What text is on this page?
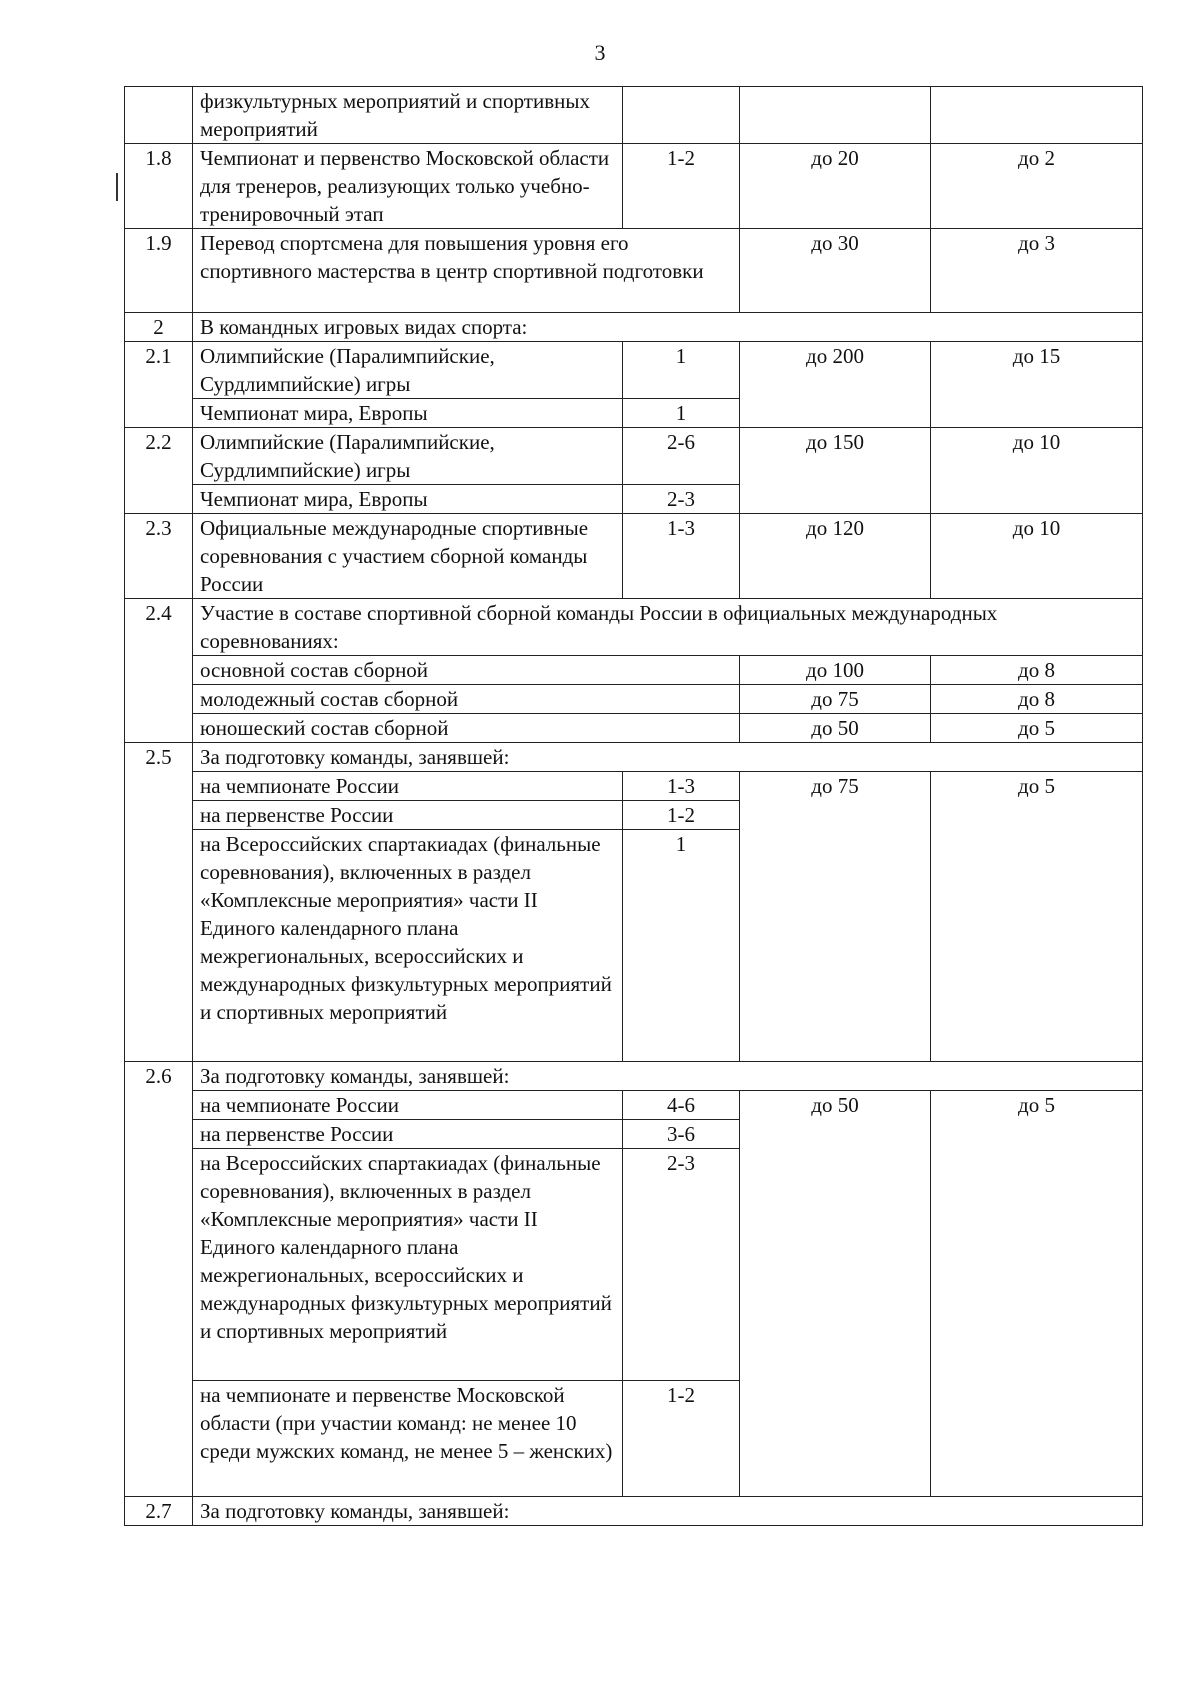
3
	физкультурных мероприятий и спортивных мероприятий			
1.8	Чемпионат и первенство Московской области для тренеров, реализующих только учебно-тренировочный этап	1-2	до 20	до 2
1.9	Перевод спортсмена для повышения уровня его спортивного мастерства в центр спортивной подготовки		до 30	до 3
2	В командных игровых видах спорта:			
2.1	Олимпийские (Паралимпийские, Сурдлимпийские) игры	1	до 200	до 15
	Чемпионат мира, Европы	1		
2.2	Олимпийские (Паралимпийские, Сурдлимпийские) игры	2-6	до 150	до 10
	Чемпионат мира, Европы	2-3		
2.3	Официальные международные спортивные соревнования с участием сборной команды России	1-3	до 120	до 10
2.4	Участие в составе спортивной сборной команды России в официальных международных соревнованиях:			
	основной состав сборной		до 100	до 8
	молодежный состав сборной		до 75	до 8
	юношеский состав сборной		до 50	до 5
2.5	За подготовку команды, занявшей:			
	на чемпионате России	1-3	до 75	до 5
	на первенстве России	1-2		
	на Всероссийских спартакиадах (финальные соревнования), включенных в раздел «Комплексные мероприятия» части II Единого календарного плана межрегиональных, всероссийских и международных физкультурных мероприятий и спортивных мероприятий	1		
2.6	За подготовку команды, занявшей:			
	на чемпионате России	4-6	до 50	до 5
	на первенстве России	3-6		
	на Всероссийских спартакиадах (финальные соревнования), включенных в раздел «Комплексные мероприятия» части II Единого календарного плана межрегиональных, всероссийских и международных физкультурных мероприятий и спортивных мероприятий	2-3		
	на чемпионате и первенстве Московской области (при участии команд: не менее 10 среди мужских команд, не менее 5 – женских)	1-2		
2.7	За подготовку команды, занявшей:			
